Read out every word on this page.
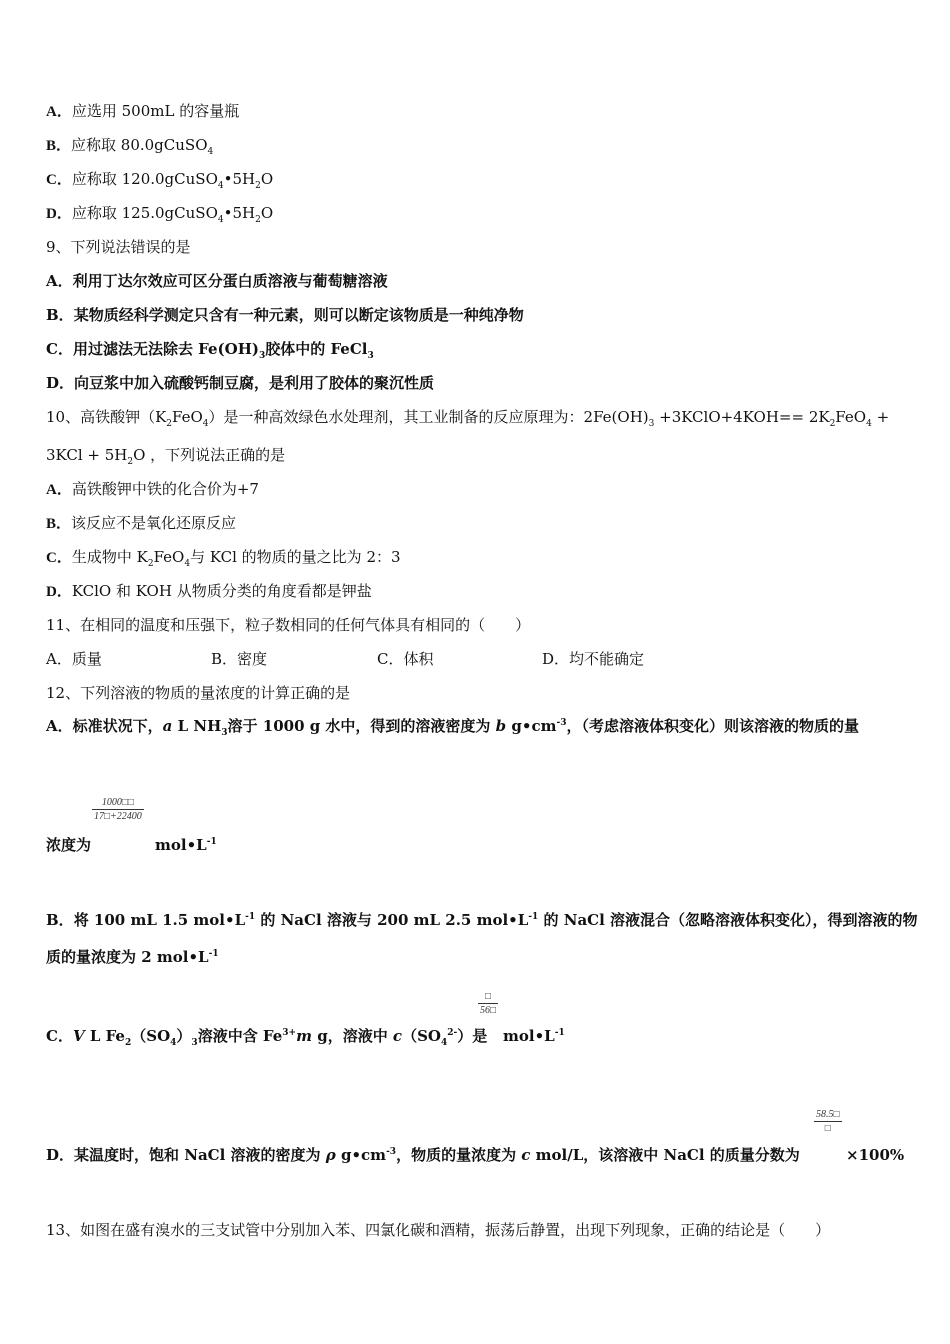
A．应选用 500mL 的容量瓶
B．应称取 80.0gCuSO$_4$
C．应称取 $120.0gCuSO_4•5H_2O$
D．应称取 $125.0gCuSO_4•5H_2O$
9、下列说法错误的是
A．利用丁达尔效应可区分蛋白质溶液与葡萄糖溶液
B．某物质经科学测定只含有一种元素，则可以断定该物质是一种纯净物
C．用过滤法无法除去 $Fe(OH)_3$胶体中的 FeCl$_3$
D．向豆浆中加入硫酸钙制豆腐，是利用了胶体的聚沉性质
10、高铁酸钾$(K_2FeO_4)$是一种高效绿色水处理剂，其工业制备的反应原理为：$2Fe(OH)_3$ +3KClO+4KOH== $2K_2FeO_4$ +
$3KCl + 5H_2O$ ，下列说法正确的是
A．高铁酸钾中铁的化合价为+7
B．该反应不是氧化还原反应
C．生成物中 $K_2FeO_4$与 KCl 的物质的量之比为 2：3
D．KClO 和 KOH 从物质分类的角度看都是钾盐
11、在相同的温度和压强下，粒子数相同的任何气体具有相同的（　　）
A．质量	B．密度	C．体积	D．均不能确定
12、下列溶液的物质的量浓度的计算正确的是
A．标准状况下，a L $NH_3$溶于 1000 g 水中，得到的溶液密度为 b $g•cm^{-3}$，（考虑溶液体积变化）则该溶液的物质的量
$\frac{1000□□}{17□+22400}$
浓度为	$mol•L^{-1}$
B．将 100 mL 1.5 $mol•L^{-1}$ 的 NaCl 溶液与 200 mL 2.5 $mol•L^{-1}$ 的 NaCl 溶液混合（忽略溶液体积变化），得到溶液的物
质的量浓度为 2 $mol•L^{-1}$
□
56□
C．V L $Fe_2(SO_4)_3$溶液中含 $Fe^{3+}m$ g，溶液中 $c(SO_4^{2-})$是 $mol•L^{-1}$
58.5□
□
D．某温度时，饱和 NaCl 溶液的密度为 ρ $g•cm^{-3}$，物质的量浓度为 c mol/L，该溶液中 NaCl 的质量分数为	×100%
13、如图在盛有溴水的三支试管中分别加入苯、四氯化碳和酒精，振荡后静置，出现下列现象，正确的结论是（　　）
